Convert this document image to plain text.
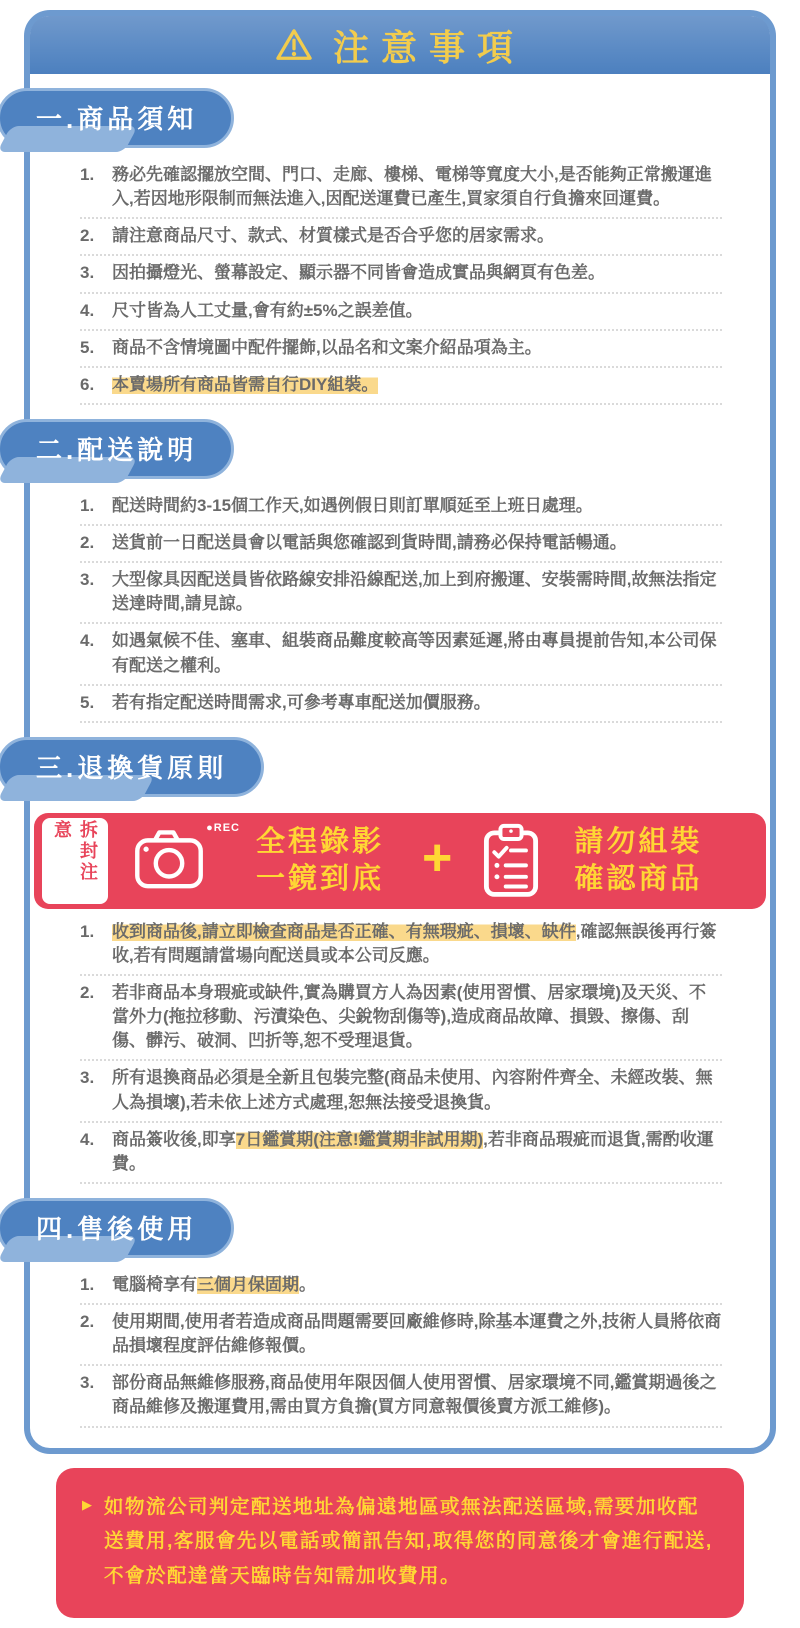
注意事項
一.商品須知
1.	務必先確認擺放空間、門口、走廊、樓梯、電梯等寬度大小,是否能夠正常搬運進入,若因地形限制而無法進入,因配送運費已產生,買家須自行負擔來回運費。

2.	請注意商品尺寸、款式、材質樣式是否合乎您的居家需求。

3.	因拍攝燈光、螢幕設定、顯示器不同皆會造成實品與網頁有色差。

4.	尺寸皆為人工丈量,會有約±5%之誤差值。

5.	商品不含情境圖中配件擺飾,以品名和文案介紹品項為主。

6.	本賣場所有商品皆需自行DIY組裝。

二.配送說明
1.	配送時間約3-15個工作天,如遇例假日則訂單順延至上班日處理。

2.	送貨前一日配送員會以電話與您確認到貨時間,請務必保持電話暢通。

3.	大型傢具因配送員皆依路線安排沿線配送,加上到府搬運、安裝需時間,故無法指定送達時間,請見諒。

4.	如遇氣候不佳、塞車、組裝商品難度較高等因素延遲,將由專員提前告知,本公司保有配送之權利。

5.	若有指定配送時間需求,可參考專車配送加價服務。

三.退換貨原則
拆封注意	●REC 全程錄影
一鏡到底 +	請勿組裝
確認商品
1.	收到商品後,請立即檢查商品是否正確、有無瑕疵、損壞、缺件,確認無誤後再行簽收,若有問題請當場向配送員或本公司反應。

2.	若非商品本身瑕疵或缺件,實為購買方人為因素(使用習慣、居家環境)及天災、不當外力(拖拉移動、污漬染色、尖銳物刮傷等),造成商品故障、損毀、擦傷、刮傷、髒污、破洞、凹折等,恕不受理退貨。

3.	所有退換商品必須是全新且包裝完整(商品未使用、內容附件齊全、未經改裝、無人為損壞),若未依上述方式處理,恕無法接受退換貨。

4.	商品簽收後,即享7日鑑賞期(注意!鑑賞期非試用期),若非商品瑕疵而退貨,需酌收運費。

四.售後使用
1.	電腦椅享有三個月保固期。

2.	使用期間,使用者若造成商品問題需要回廠維修時,除基本運費之外,技術人員將依商品損壞程度評估維修報價。

3.	部份商品無維修服務,商品使用年限因個人使用習慣、居家環境不同,鑑賞期過後之商品維修及搬運費用,需由買方負擔(買方同意報價後賣方派工維修)。

▶ 如物流公司判定配送地址為偏遠地區或無法配送區域,需要加收配送費用,客服會先以電話或簡訊告知,取得您的同意後才會進行配送,不會於配達當天臨時告知需加收費用。
